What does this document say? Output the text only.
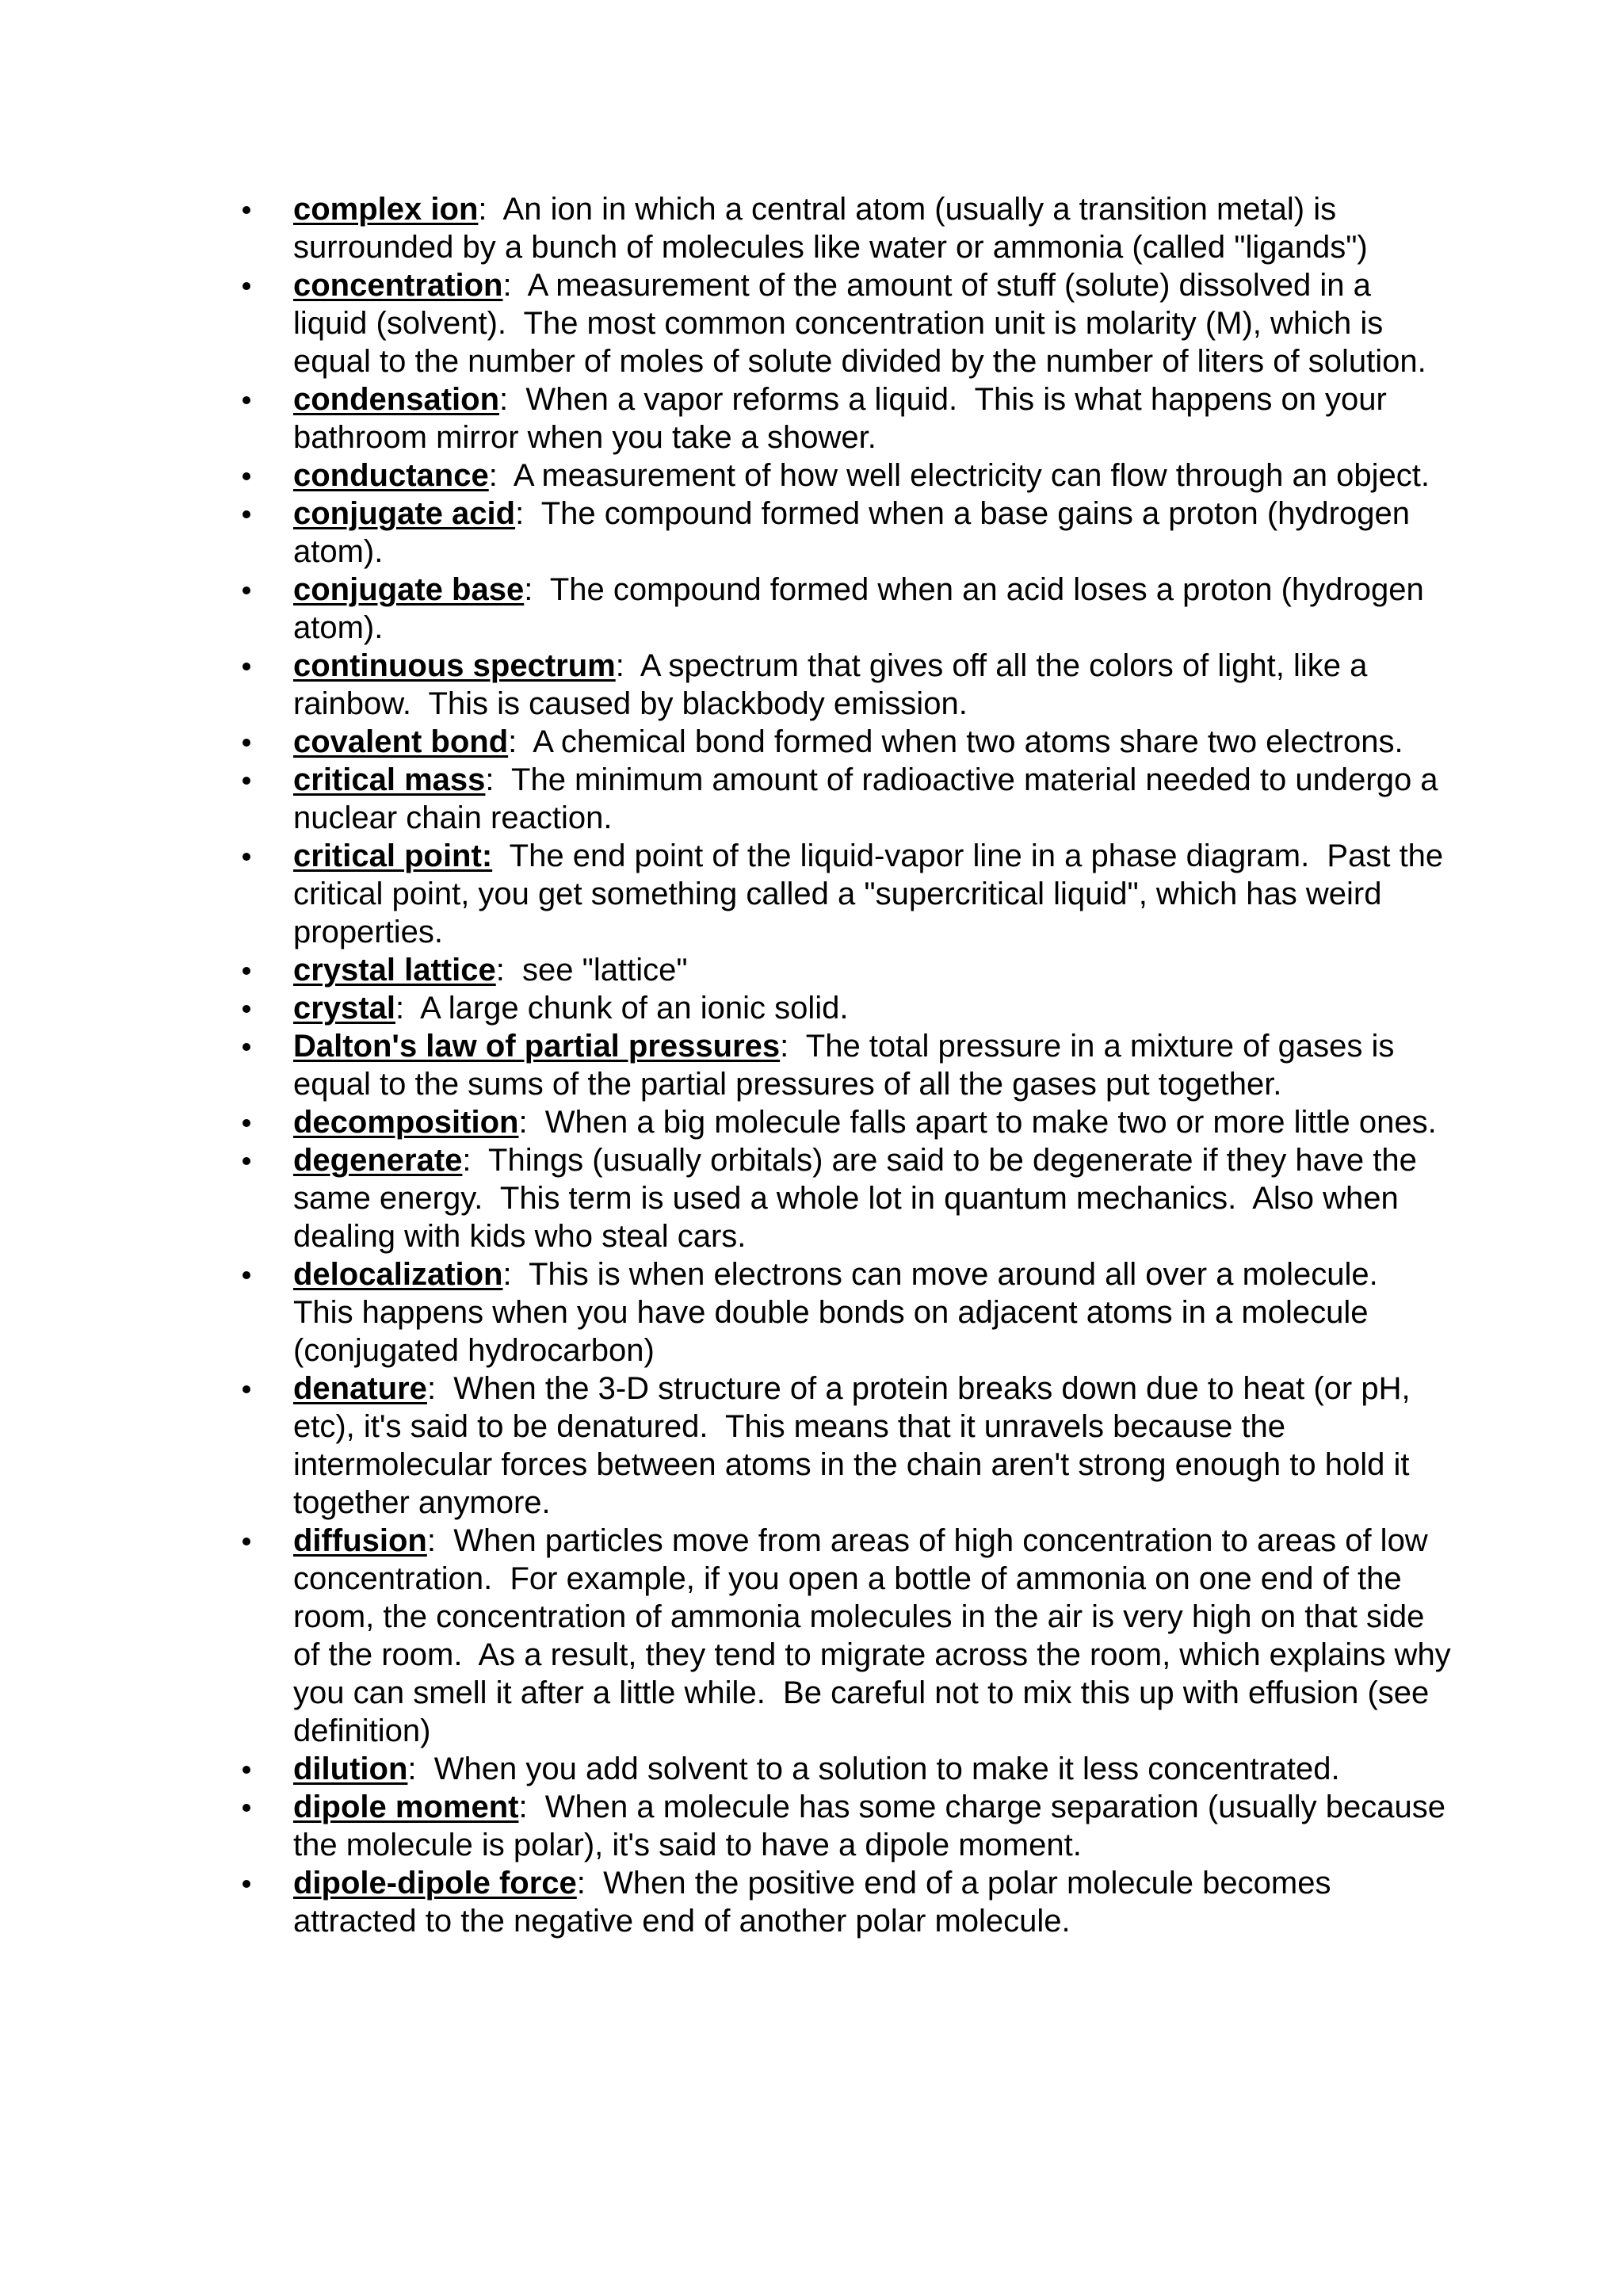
complex ion:  An ion in which a central atom (usually a transition metal) is surrounded by a bunch of molecules like water or ammonia (called "ligands")
concentration:  A measurement of the amount of stuff (solute) dissolved in a liquid (solvent).  The most common concentration unit is molarity (M), which is equal to the number of moles of solute divided by the number of liters of solution.
condensation:  When a vapor reforms a liquid.  This is what happens on your bathroom mirror when you take a shower.
conductance:  A measurement of how well electricity can flow through an object.
conjugate acid:  The compound formed when a base gains a proton (hydrogen atom).
conjugate base:  The compound formed when an acid loses a proton (hydrogen atom).
continuous spectrum:  A spectrum that gives off all the colors of light, like a rainbow.  This is caused by blackbody emission.
covalent bond:  A chemical bond formed when two atoms share two electrons.
critical mass:  The minimum amount of radioactive material needed to undergo a nuclear chain reaction.
critical point: The end point of the liquid-vapor line in a phase diagram.  Past the critical point, you get something called a "supercritical liquid", which has weird properties.
crystal lattice:  see "lattice"
crystal:  A large chunk of an ionic solid.
Dalton's law of partial pressures:  The total pressure in a mixture of gases is equal to the sums of the partial pressures of all the gases put together.
decomposition:  When a big molecule falls apart to make two or more little ones.
degenerate:  Things (usually orbitals) are said to be degenerate if they have the same energy.  This term is used a whole lot in quantum mechanics.  Also when dealing with kids who steal cars.
delocalization:  This is when electrons can move around all over a molecule.  This happens when you have double bonds on adjacent atoms in a molecule (conjugated hydrocarbon)
denature:  When the 3-D structure of a protein breaks down due to heat (or pH, etc), it's said to be denatured.  This means that it unravels because the intermolecular forces between atoms in the chain aren't strong enough to hold it together anymore.
diffusion:  When particles move from areas of high concentration to areas of low concentration.  For example, if you open a bottle of ammonia on one end of the room, the concentration of ammonia molecules in the air is very high on that side of the room.  As a result, they tend to migrate across the room, which explains why you can smell it after a little while.  Be careful not to mix this up with effusion (see definition)
dilution:  When you add solvent to a solution to make it less concentrated.
dipole moment:  When a molecule has some charge separation (usually because the molecule is polar), it's said to have a dipole moment.
dipole-dipole force:  When the positive end of a polar molecule becomes attracted to the negative end of another polar molecule.
